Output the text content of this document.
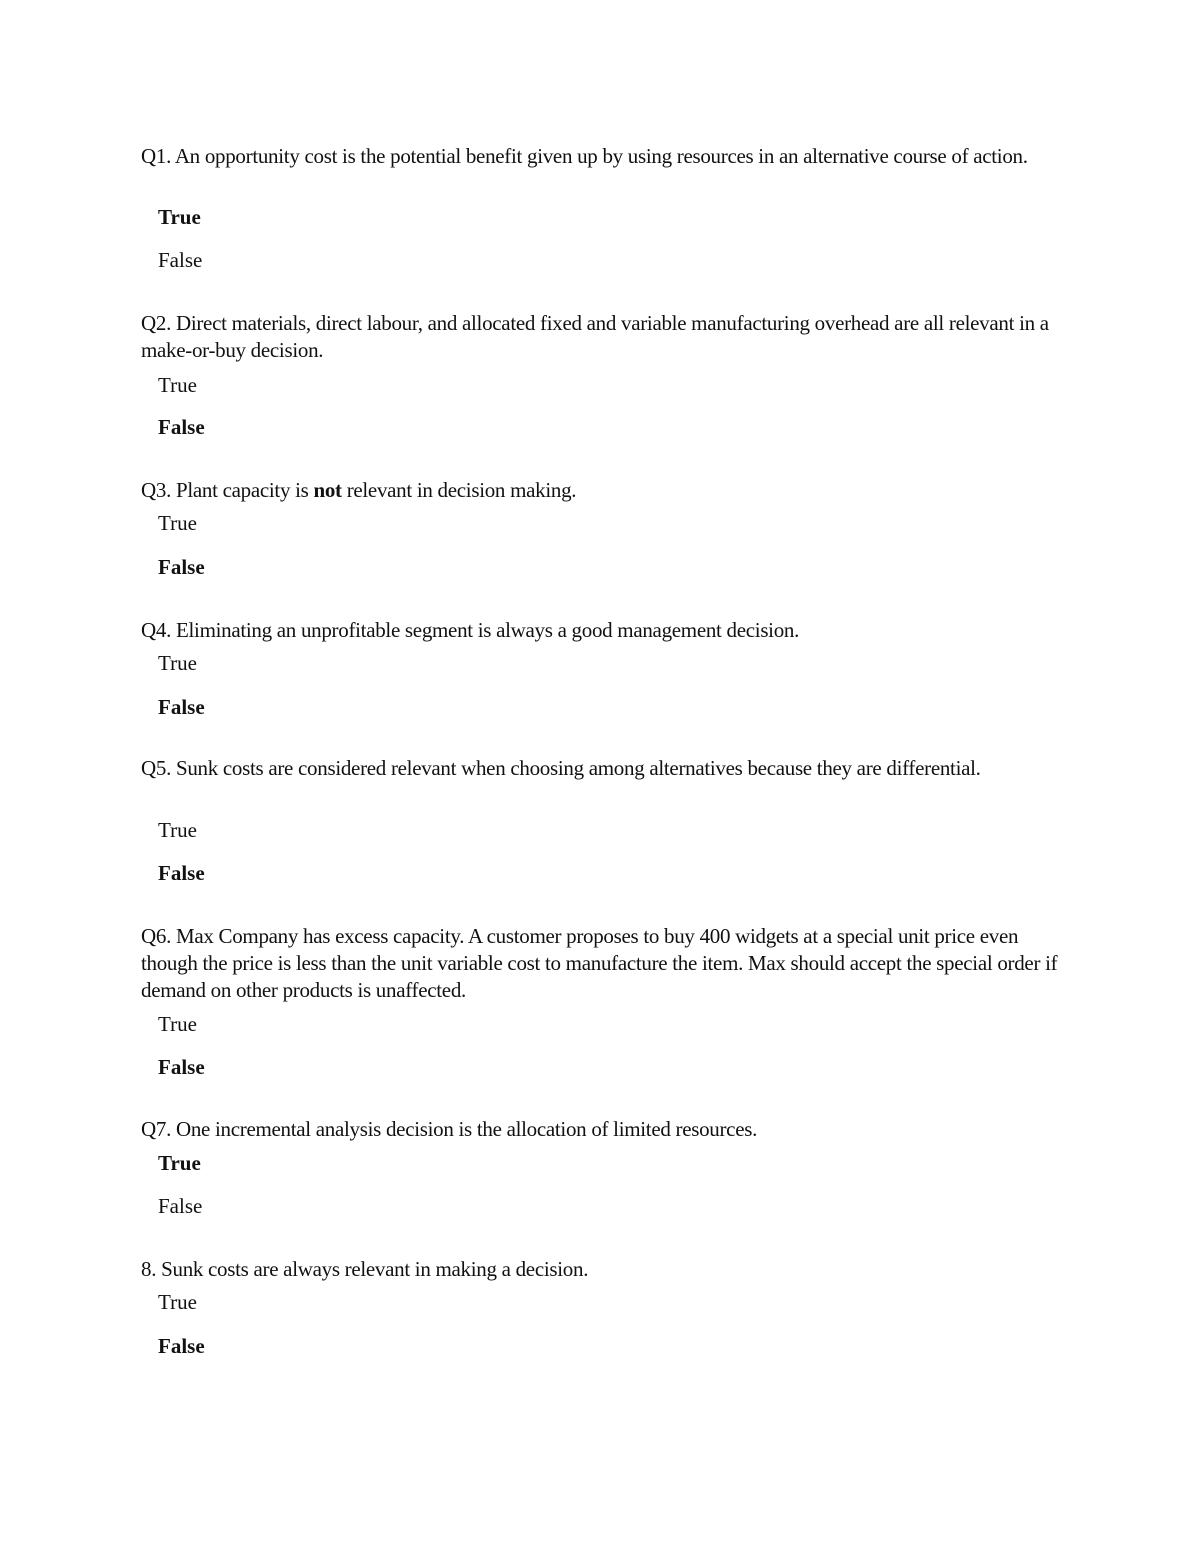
Q1. An opportunity cost is the potential benefit given up by using resources in an alternative course of action.

True
False

Q2. Direct materials, direct labour, and allocated fixed and variable manufacturing overhead are all relevant in a make-or-buy decision.

True
False

Q3. Plant capacity is not relevant in decision making.

True
False

Q4. Eliminating an unprofitable segment is always a good management decision.

True
False

Q5. Sunk costs are considered relevant when choosing among alternatives because they are differential.

True
False

Q6. Max Company has excess capacity. A customer proposes to buy 400 widgets at a special unit price even though the price is less than the unit variable cost to manufacture the item. Max should accept the special order if demand on other products is unaffected.

True
False

Q7. One incremental analysis decision is the allocation of limited resources.

True
False

8. Sunk costs are always relevant in making a decision.

True
False
